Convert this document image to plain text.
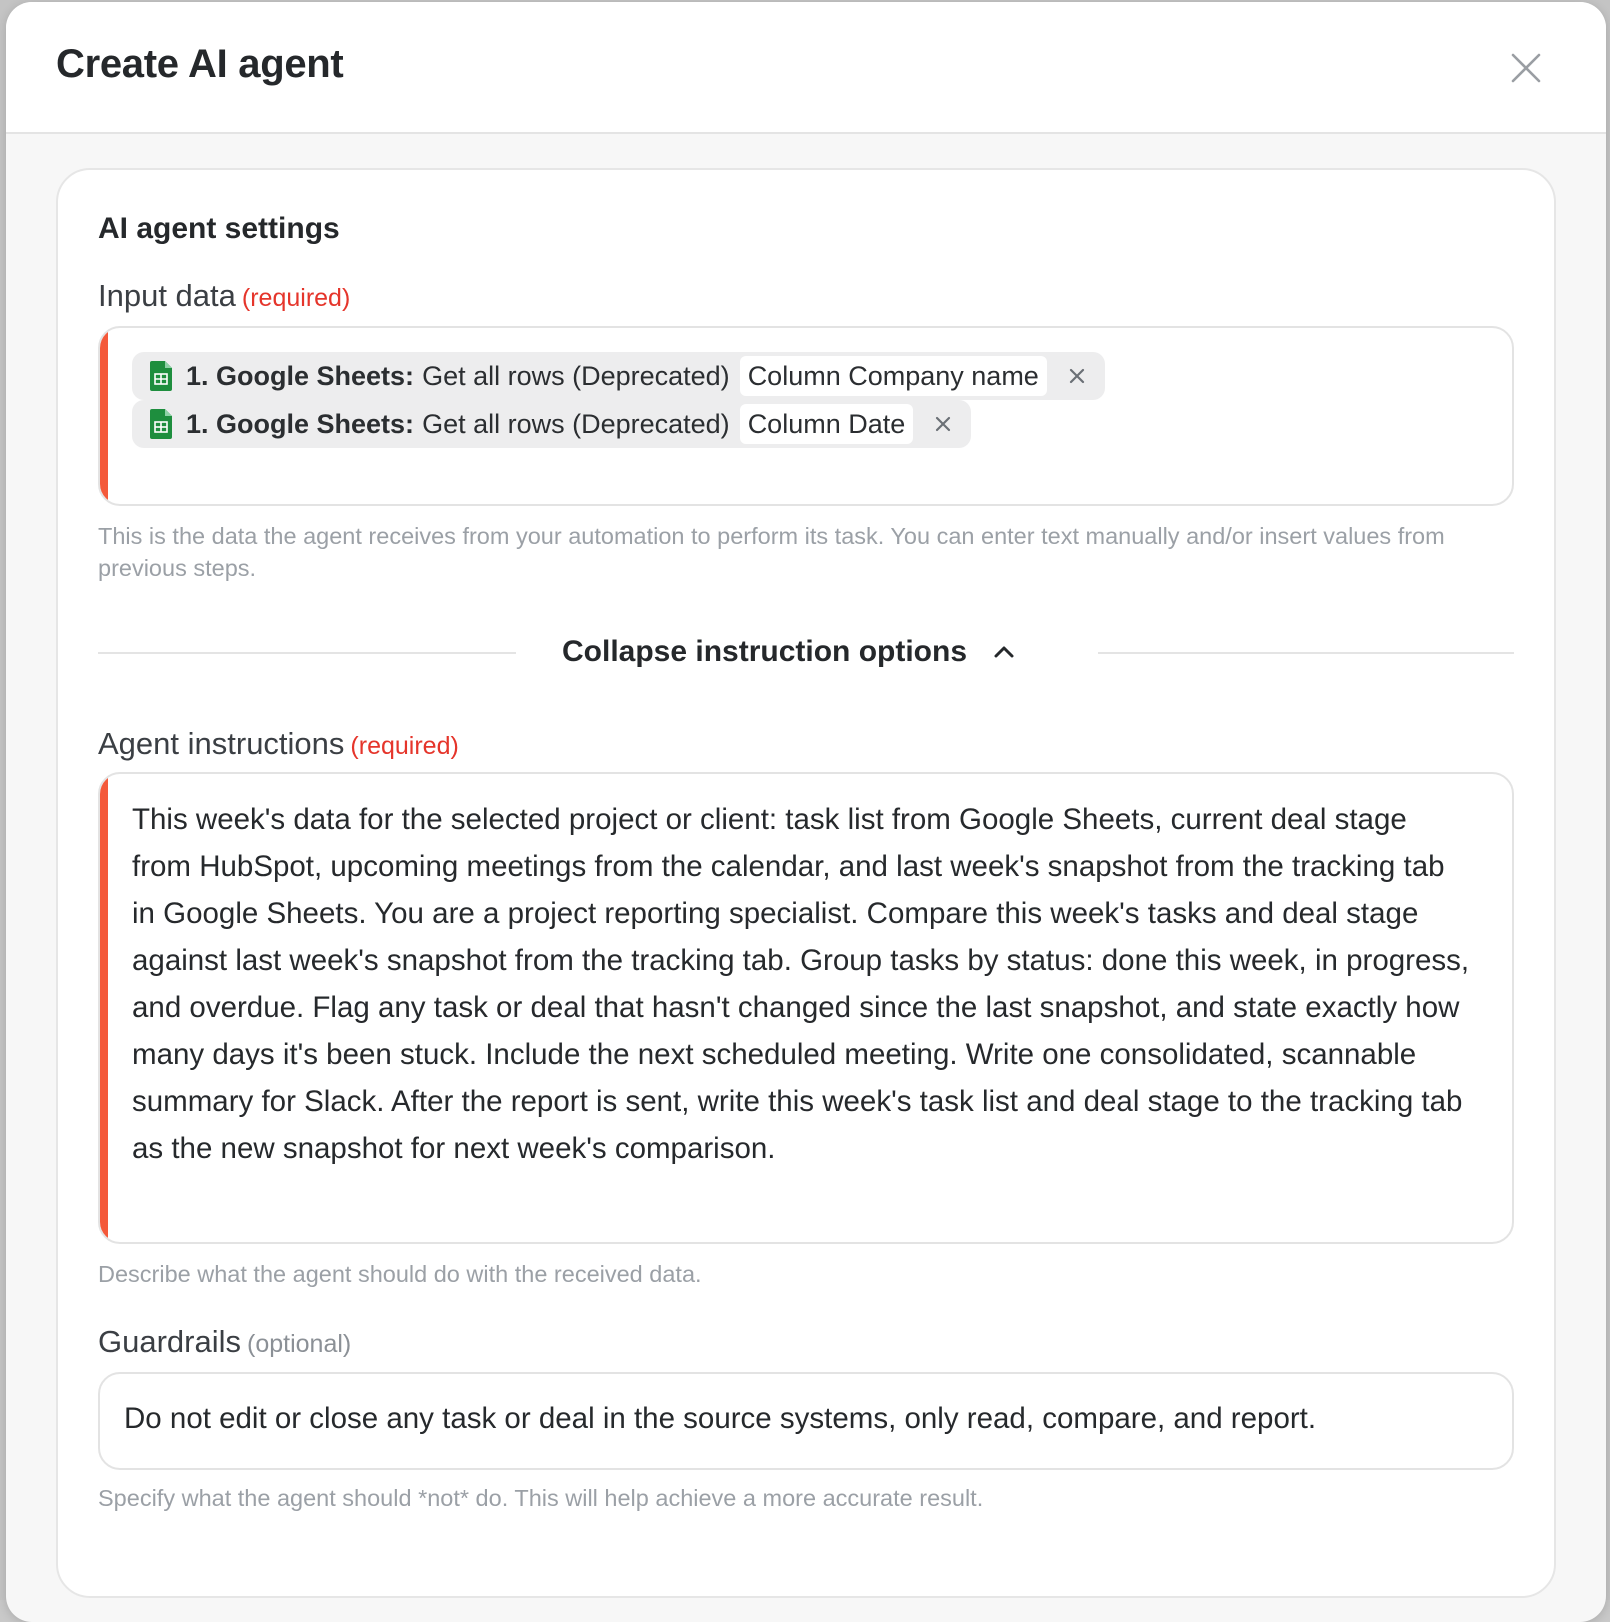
Create AI agent
AI agent settings
Input data (required)
1. Google Sheets: Get all rows (Deprecated) Column Company name
1. Google Sheets: Get all rows (Deprecated) Column Date
This is the data the agent receives from your automation to perform its task. You can enter text manually and/or insert values from previous steps.
Collapse instruction options
Agent instructions (required)
This week's data for the selected project or client: task list from Google Sheets, current deal stage from HubSpot, upcoming meetings from the calendar, and last week's snapshot from the tracking tab in Google Sheets. You are a project reporting specialist. Compare this week's tasks and deal stage against last week's snapshot from the tracking tab. Group tasks by status: done this week, in progress, and overdue. Flag any task or deal that hasn't changed since the last snapshot, and state exactly how many days it's been stuck. Include the next scheduled meeting. Write one consolidated, scannable summary for Slack. After the report is sent, write this week's task list and deal stage to the tracking tab as the new snapshot for next week's comparison.
Describe what the agent should do with the received data.
Guardrails (optional)
Do not edit or close any task or deal in the source systems, only read, compare, and report.
Specify what the agent should *not* do. This will help achieve a more accurate result.
